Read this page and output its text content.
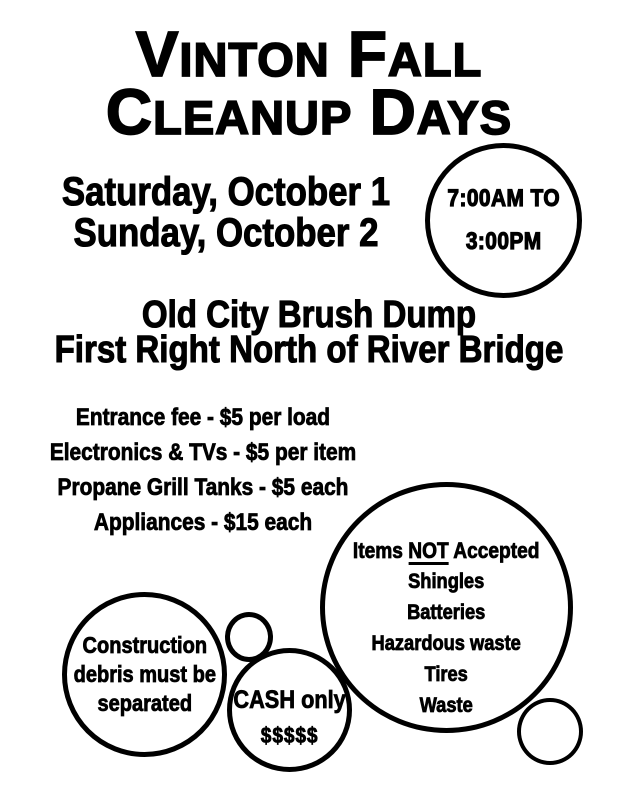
VINTON FALL
CLEANUP DAYS
Saturday, October 1
Sunday, October 2
7:00AM TO
3:00PM
Old City Brush Dump
First Right North of River Bridge
Entrance fee - $5 per load
Electronics & TVs - $5 per item
Propane Grill Tanks - $5 each
Appliances - $15 each
Items NOT Accepted
Shingles
Batteries
Hazardous waste
Tires
Waste
Construction
debris must be
separated	CASH only
$$$$$
